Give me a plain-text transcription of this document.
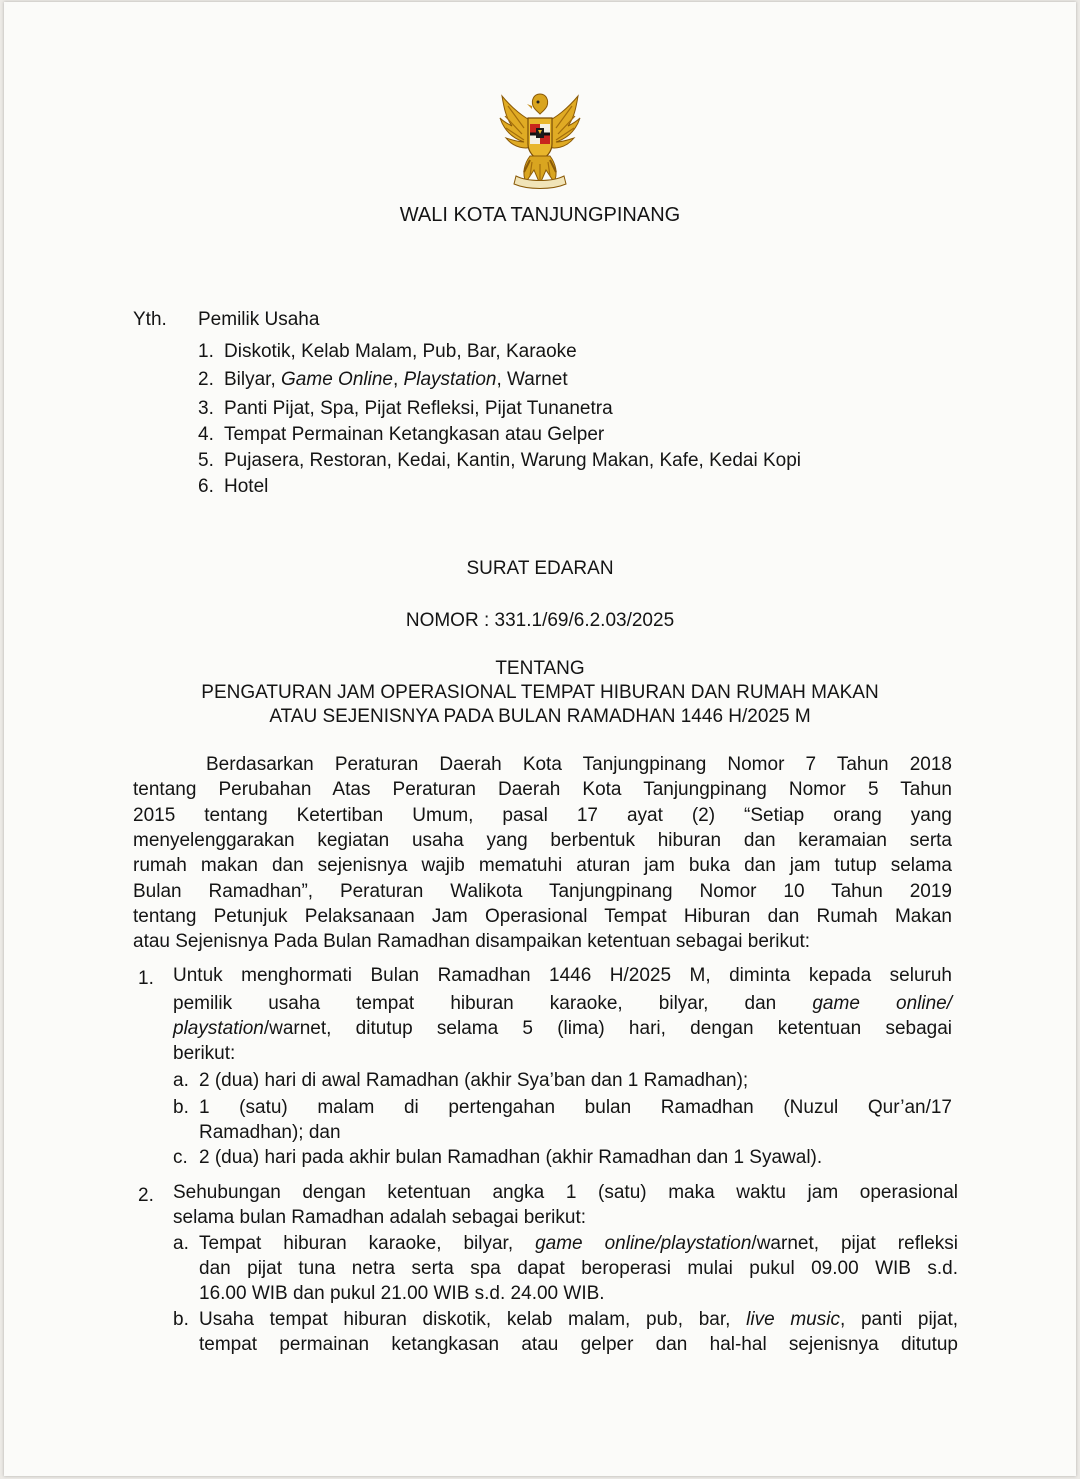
WALI KOTA TANJUNGPINANG
Yth. Pemilik Usaha
1. Diskotik, Kelab Malam, Pub, Bar, Karaoke
2. Bilyar, Game Online, Playstation, Warnet
3. Panti Pijat, Spa, Pijat Refleksi, Pijat Tunanetra
4. Tempat Permainan Ketangkasan atau Gelper
5. Pujasera, Restoran, Kedai, Kantin, Warung Makan, Kafe, Kedai Kopi
6. Hotel
SURAT EDARAN
NOMOR : 331.1/69/6.2.03/2025
TENTANG
PENGATURAN JAM OPERASIONAL TEMPAT HIBURAN DAN RUMAH MAKAN
ATAU SEJENISNYA PADA BULAN RAMADHAN 1446 H/2025 M
Berdasarkan Peraturan Daerah Kota Tanjungpinang Nomor 7 Tahun 2018
tentang Perubahan Atas Peraturan Daerah Kota Tanjungpinang Nomor 5 Tahun
2015 tentang Ketertiban Umum, pasal 17 ayat (2) “Setiap orang yang
menyelenggarakan kegiatan usaha yang berbentuk hiburan dan keramaian serta
rumah makan dan sejenisnya wajib mematuhi aturan jam buka dan jam tutup selama
Bulan Ramadhan”, Peraturan Walikota Tanjungpinang Nomor 10 Tahun 2019
tentang Petunjuk Pelaksanaan Jam Operasional Tempat Hiburan dan Rumah Makan
atau Sejenisnya Pada Bulan Ramadhan disampaikan ketentuan sebagai berikut:
1. Untuk menghormati Bulan Ramadhan 1446 H/2025 M, diminta kepada seluruh
pemilik usaha tempat hiburan karaoke, bilyar, dan game online/
playstation/warnet, ditutup selama 5 (lima) hari, dengan ketentuan sebagai
berikut:
a. 2 (dua) hari di awal Ramadhan (akhir Sya’ban dan 1 Ramadhan);
b. 1 (satu) malam di pertengahan bulan Ramadhan (Nuzul Qur’an/17
Ramadhan); dan
c. 2 (dua) hari pada akhir bulan Ramadhan (akhir Ramadhan dan 1 Syawal).
2. Sehubungan dengan ketentuan angka 1 (satu) maka waktu jam operasional
selama bulan Ramadhan adalah sebagai berikut:
a. Tempat hiburan karaoke, bilyar, game online/playstation/warnet, pijat refleksi
dan pijat tuna netra serta spa dapat beroperasi mulai pukul 09.00 WIB s.d.
16.00 WIB dan pukul 21.00 WIB s.d. 24.00 WIB.
b. Usaha tempat hiburan diskotik, kelab malam, pub, bar, live music, panti pijat,
tempat permainan ketangkasan atau gelper dan hal-hal sejenisnya ditutup
